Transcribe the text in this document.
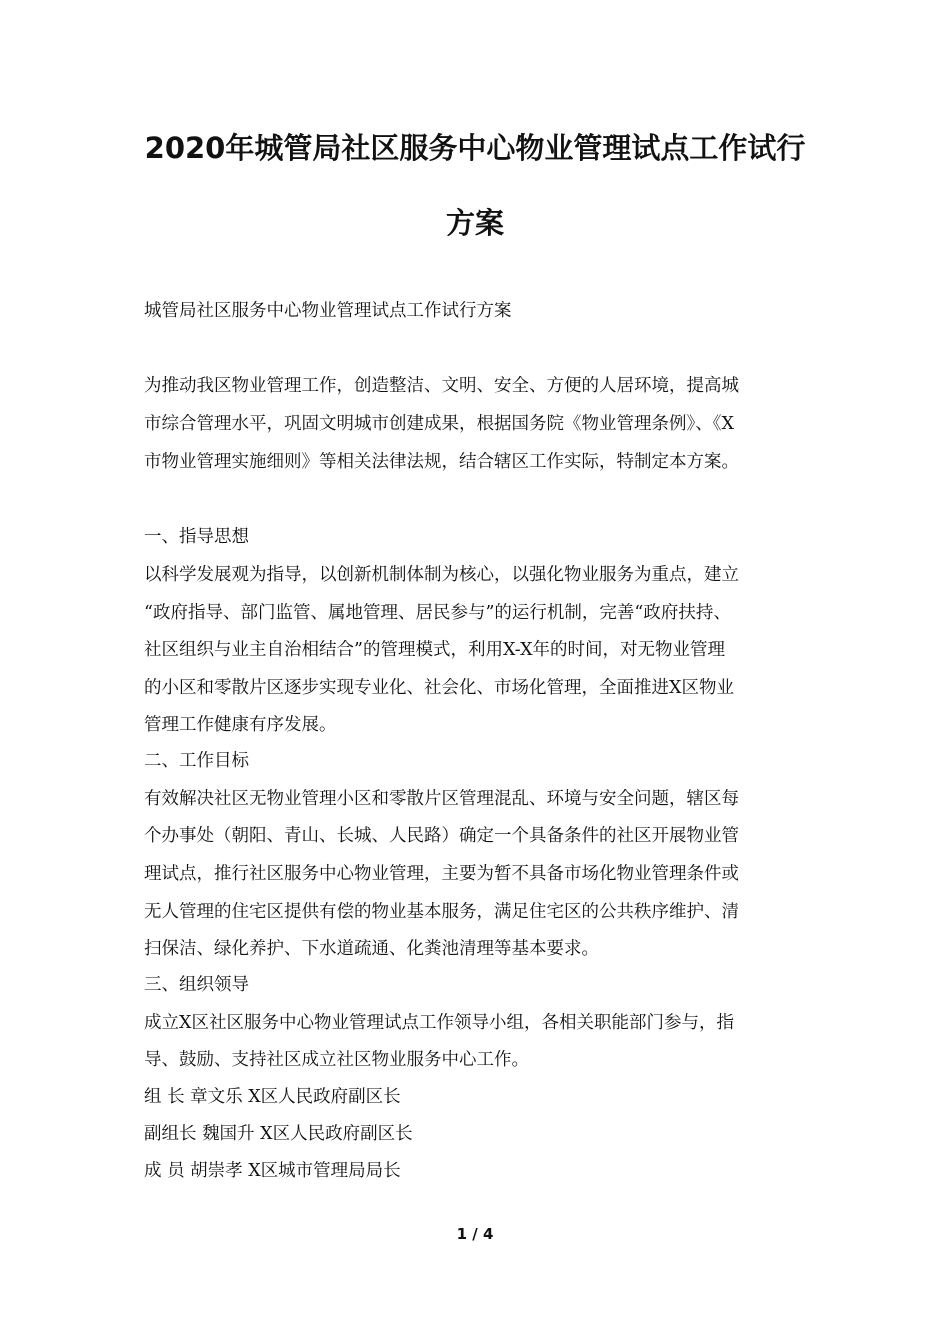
2020年城管局社区服务中心物业管理试点工作试行
方案
城管局社区服务中心物业管理试点工作试行方案
为推动我区物业管理工作，创造整洁、文明、安全、方便的人居环境，提高城
市综合管理水平，巩固文明城市创建成果，根据国务院《物业管理条例》、《X
市物业管理实施细则》等相关法律法规，结合辖区工作实际，特制定本方案。
一、指导思想
以科学发展观为指导，以创新机制体制为核心，以强化物业服务为重点，建立
“政府指导、部门监管、属地管理、居民参与”的运行机制，完善“政府扶持、
社区组织与业主自治相结合”的管理模式，利用X-X年的时间，对无物业管理
的小区和零散片区逐步实现专业化、社会化、市场化管理，全面推进X区物业
管理工作健康有序发展。
二、工作目标
有效解决社区无物业管理小区和零散片区管理混乱、环境与安全问题，辖区每
个办事处（朝阳、青山、长城、人民路）确定一个具备条件的社区开展物业管
理试点，推行社区服务中心物业管理，主要为暂不具备市场化物业管理条件或
无人管理的住宅区提供有偿的物业基本服务，满足住宅区的公共秩序维护、清
扫保洁、绿化养护、下水道疏通、化粪池清理等基本要求。
三、组织领导
成立X区社区服务中心物业管理试点工作领导小组，各相关职能部门参与，指
导、鼓励、支持社区成立社区物业服务中心工作。
组 长 章文乐 X区人民政府副区长
副组长 魏国升 X区人民政府副区长
成 员 胡崇孝 X区城市管理局局长
1 / 4
